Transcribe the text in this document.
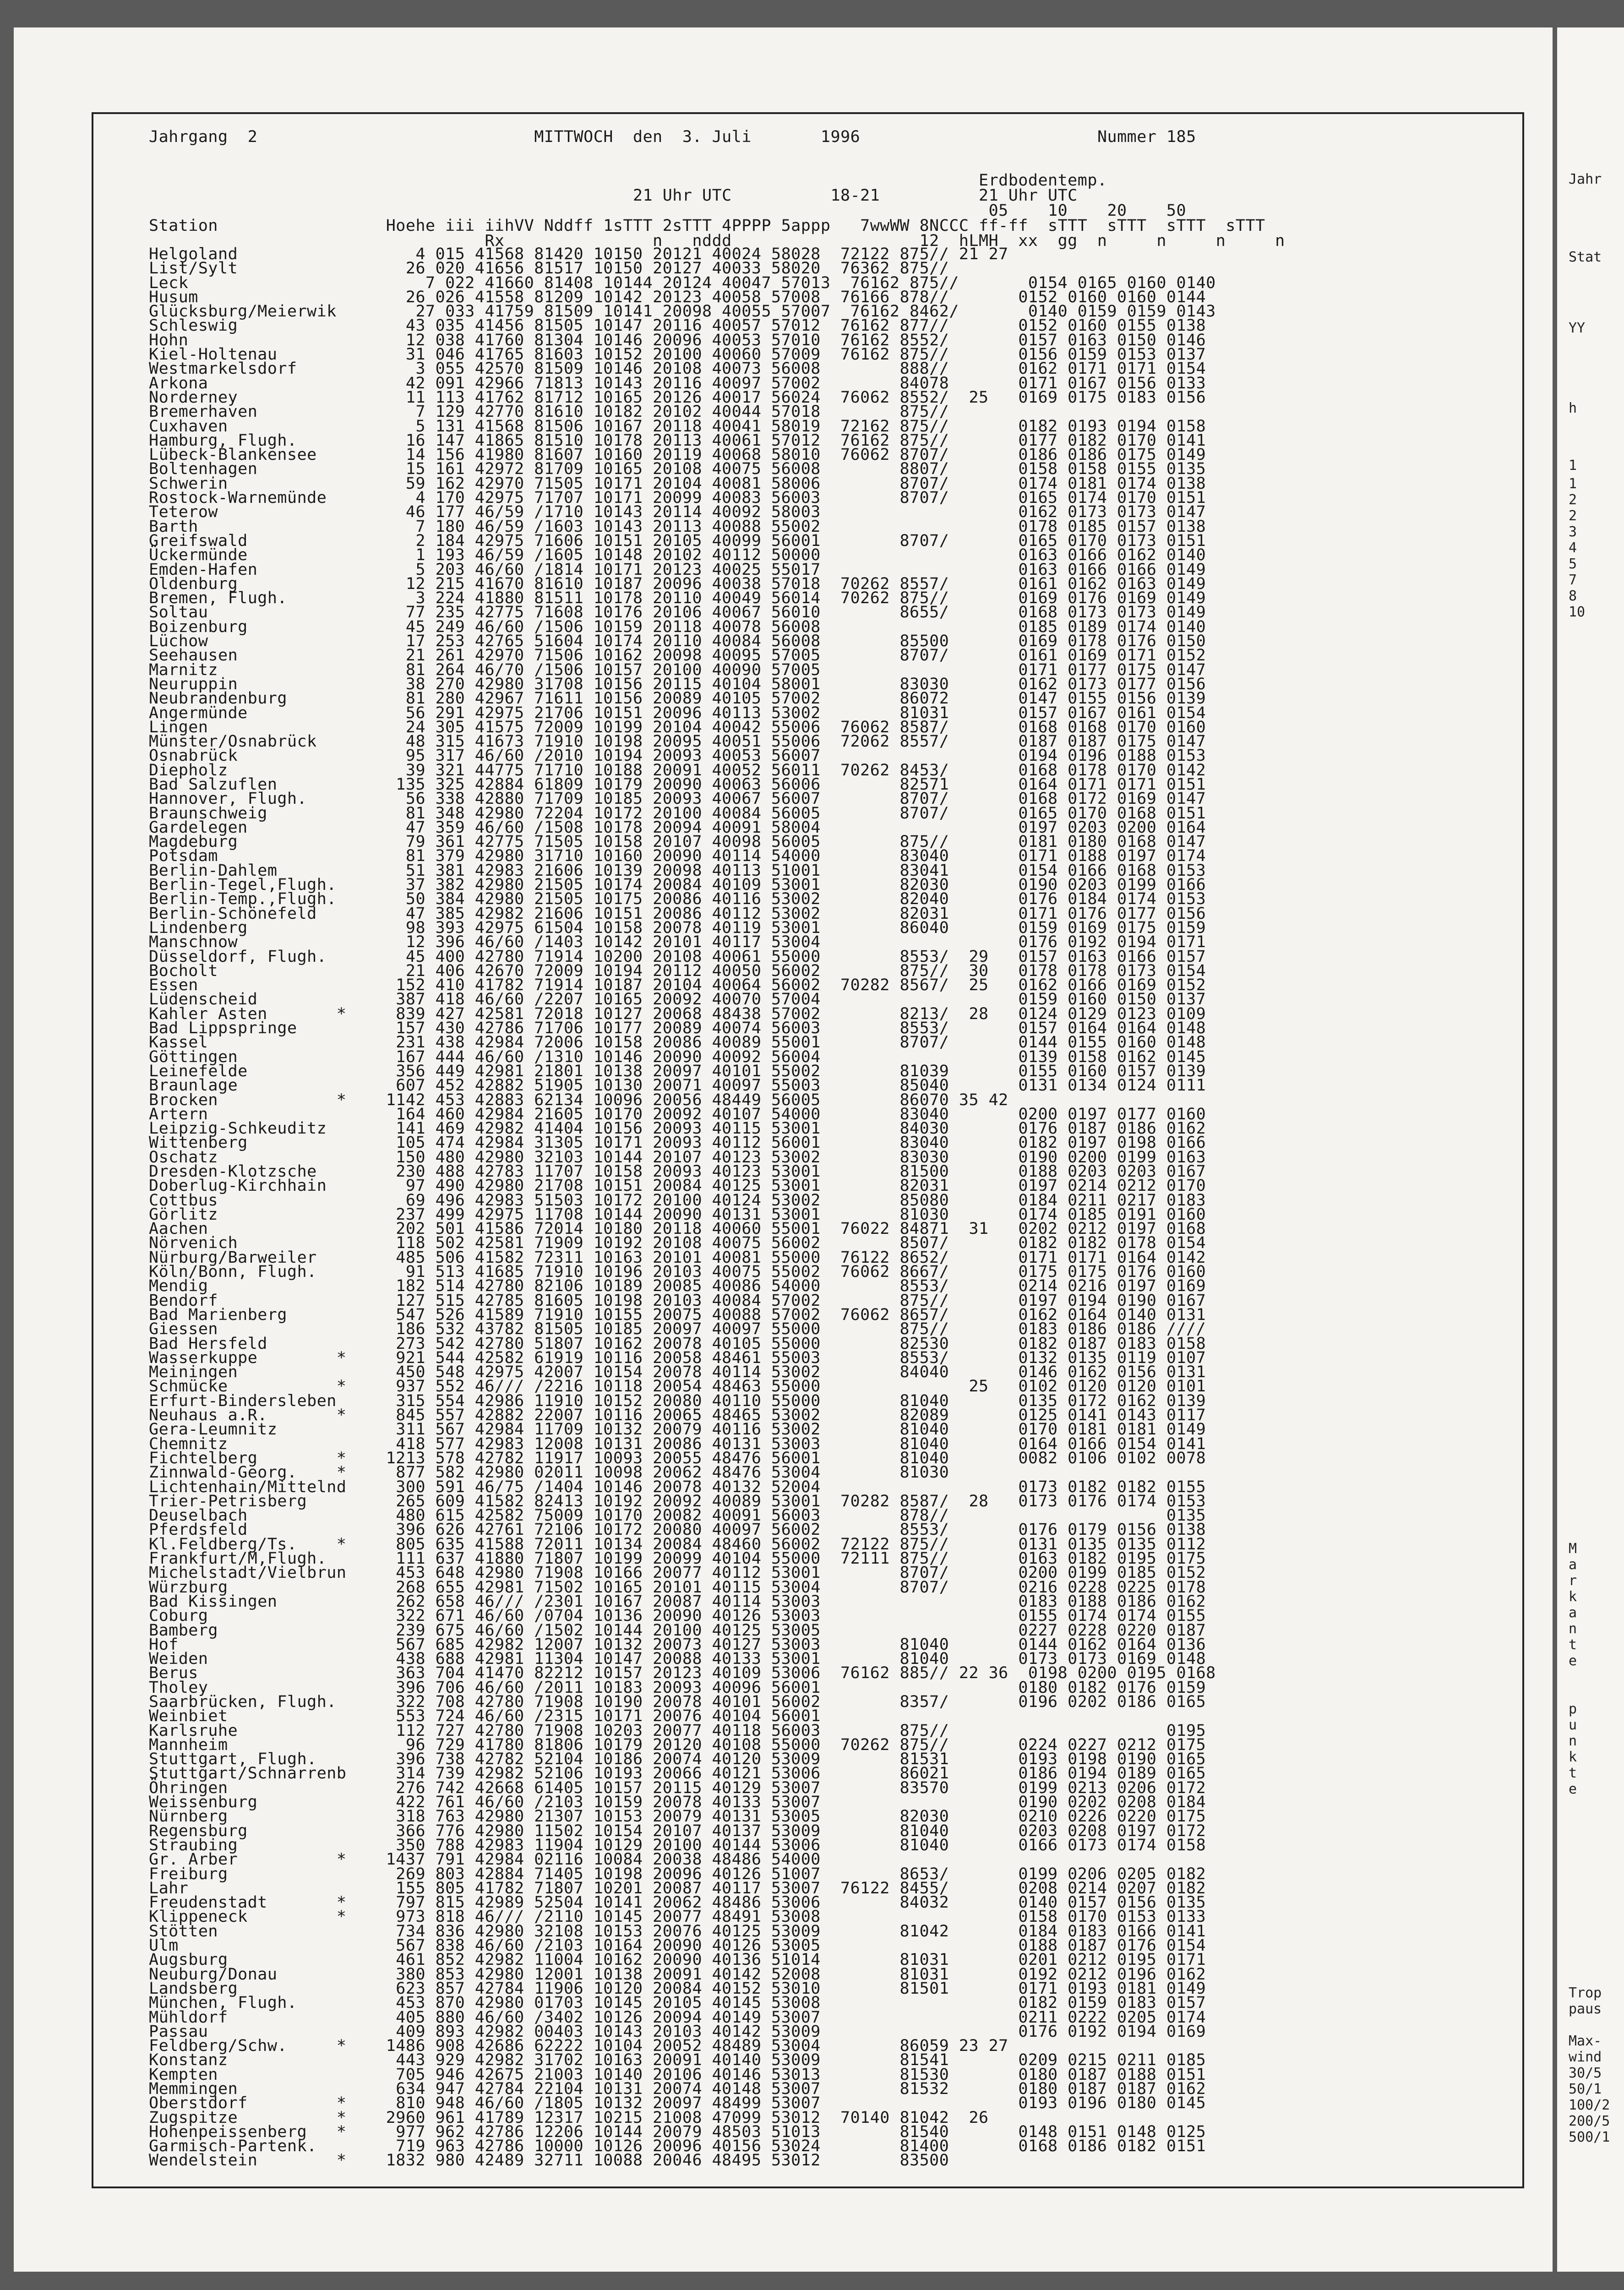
Jahrgang  2	MITTWOCH  den  3. Juli	1996	Nummer 185
Erdbodentemp.
21 Uhr UTC          18-21          21 Uhr UTC
05    10    20    50
Station                 Hoehe iii iihVV Nddff 1sTTT 2sTTT 4PPPP 5appp   7wwWW 8NCCC ff-ff  sTTT  sTTT  sTTT  sTTT
Rx               n   nddd                   12  hLMH  xx  gg  n     n     n     n
Helgoland                  4 015 41568 81420 10150 20121 40024 58028  72122 875// 21 27
List/Sylt                 26 020 41656 81517 10150 20127 40033 58020  76362 875//
Leck                        7 022 41660 81408 10144 20124 40047 57013  76162 875//       0154 0165 0160 0140
Husum                     26 026 41558 81209 10142 20123 40058 57008  76166 878//       0152 0160 0160 0144
Glücksburg/Meierwik        27 033 41759 81509 10141 20098 40055 57007  76162 8462/       0140 0159 0159 0143
Schleswig                 43 035 41456 81505 10147 20116 40057 57012  76162 877//       0152 0160 0155 0138
Hohn                      12 038 41760 81304 10146 20096 40053 57010  76162 8552/       0157 0163 0150 0146
Kiel-Holtenau             31 046 41765 81603 10152 20100 40060 57009  76162 875//       0156 0159 0153 0137
Westmarkelsdorf            3 055 42570 81509 10146 20108 40073 56008        888//       0162 0171 0171 0154
Arkona                    42 091 42966 71813 10143 20116 40097 57002        84078       0171 0167 0156 0133
Norderney                 11 113 41762 81712 10165 20126 40017 56024  76062 8552/  25   0169 0175 0183 0156
Bremerhaven                7 129 42770 81610 10182 20102 40044 57018        875//
Cuxhaven                   5 131 41568 81506 10167 20118 40041 58019  72162 875//       0182 0193 0194 0158
Hamburg, Flugh.           16 147 41865 81510 10178 20113 40061 57012  76162 875//       0177 0182 0170 0141
Lübeck-Blankensee         14 156 41980 81607 10160 20119 40068 58010  76062 8707/       0186 0186 0175 0149
Boltenhagen               15 161 42972 81709 10165 20108 40075 56008        8807/       0158 0158 0155 0135
Schwerin                  59 162 42970 71505 10171 20104 40081 58006        8707/       0174 0181 0174 0138
Rostock-Warnemünde         4 170 42975 71707 10171 20099 40083 56003        8707/       0165 0174 0170 0151
Teterow                   46 177 46/59 /1710 10143 20114 40092 58003                    0162 0173 0173 0147
Barth                      7 180 46/59 /1603 10143 20113 40088 55002                    0178 0185 0157 0138
Greifswald                 2 184 42975 71606 10151 20105 40099 56001        8707/       0165 0170 0173 0151
Ückermünde                 1 193 46/59 /1605 10148 20102 40112 50000                    0163 0166 0162 0140
Emden-Hafen                5 203 46/60 /1814 10171 20123 40025 55017                    0163 0166 0166 0149
Oldenburg                 12 215 41670 81610 10187 20096 40038 57018  70262 8557/       0161 0162 0163 0149
Bremen, Flugh.             3 224 41880 81511 10178 20110 40049 56014  70262 875//       0169 0176 0169 0149
Soltau                    77 235 42775 71608 10176 20106 40067 56010        8655/       0168 0173 0173 0149
Boizenburg                45 249 46/60 /1506 10159 20118 40078 56008                    0185 0189 0174 0140
Lüchow                    17 253 42765 51604 10174 20110 40084 56008        85500       0169 0178 0176 0150
Seehausen                 21 261 42970 71506 10162 20098 40095 57005        8707/       0161 0169 0171 0152
Marnitz                   81 264 46/70 /1506 10157 20100 40090 57005                    0171 0177 0175 0147
Neuruppin                 38 270 42980 31708 10156 20115 40104 58001        83030       0162 0173 0177 0156
Neubrandenburg            81 280 42967 71611 10156 20089 40105 57002        86072       0147 0155 0156 0139
Angermünde                56 291 42975 21706 10151 20096 40113 53002        81031       0157 0167 0161 0154
Lingen                    24 305 41575 72009 10199 20104 40042 55006  76062 8587/       0168 0168 0170 0160
Münster/Osnabrück         48 315 41673 71910 10198 20095 40051 55006  72062 8557/       0187 0187 0175 0147
Osnabrück                 95 317 46/60 /2010 10194 20093 40053 56007                    0194 0196 0188 0153
Diepholz                  39 321 44775 71710 10188 20091 40052 56011  70262 8453/       0168 0178 0170 0142
Bad Salzuflen            135 325 42884 61809 10179 20090 40063 56006        82571       0164 0171 0171 0151
Hannover, Flugh.          56 338 42880 71709 10185 20093 40067 56007        8707/       0168 0172 0169 0147
Braunschweig              81 348 42980 72204 10172 20100 40084 56005        8707/       0165 0170 0168 0151
Gardelegen                47 359 46/60 /1508 10178 20094 40091 58004                    0197 0203 0200 0164
Magdeburg                 79 361 42775 71505 10158 20107 40098 56005        875//       0181 0180 0168 0147
Potsdam                   81 379 42980 31710 10160 20090 40114 54000        83040       0171 0188 0197 0174
Berlin-Dahlem             51 381 42983 21606 10139 20098 40113 51001        83041       0154 0166 0168 0153
Berlin-Tegel,Flugh.       37 382 42980 21505 10174 20084 40109 53001        82030       0190 0203 0199 0166
Berlin-Temp.,Flugh.       50 384 42980 21505 10175 20086 40116 53002        82040       0176 0184 0174 0153
Berlin-Schönefeld         47 385 42982 21606 10151 20086 40112 53002        82031       0171 0176 0177 0156
Lindenberg                98 393 42975 61504 10158 20078 40119 53001        86040       0159 0169 0175 0159
Manschnow                 12 396 46/60 /1403 10142 20101 40117 53004                    0176 0192 0194 0171
Düsseldorf, Flugh.        45 400 42780 71914 10200 20108 40061 55000        8553/  29   0157 0163 0166 0157
Bocholt                   21 406 42670 72009 10194 20112 40050 56002        875//  30   0178 0178 0173 0154
Essen                    152 410 41782 71914 10187 20104 40064 56002  70282 8567/  25   0162 0166 0169 0152
Lüdenscheid              387 418 46/60 /2207 10165 20092 40070 57004                    0159 0160 0150 0137
Kahler Asten       *     839 427 42581 72018 10127 20068 48438 57002        8213/  28   0124 0129 0123 0109
Bad Lippspringe          157 430 42786 71706 10177 20089 40074 56003        8553/       0157 0164 0164 0148
Kassel                   231 438 42984 72006 10158 20086 40089 55001        8707/       0144 0155 0160 0148
Göttingen                167 444 46/60 /1310 10146 20090 40092 56004                    0139 0158 0162 0145
Leinefelde               356 449 42981 21801 10138 20097 40101 55002        81039       0155 0160 0157 0139
Braunlage                607 452 42882 51905 10130 20071 40097 55003        85040       0131 0134 0124 0111
Brocken            *    1142 453 42883 62134 10096 20056 48449 56005        86070 35 42
Artern                   164 460 42984 21605 10170 20092 40107 54000        83040       0200 0197 0177 0160
Leipzig-Schkeuditz       141 469 42982 41404 10156 20093 40115 53001        84030       0176 0187 0186 0162
Wittenberg               105 474 42984 31305 10171 20093 40112 56001        83040       0182 0197 0198 0166
Oschatz                  150 480 42980 32103 10144 20107 40123 53002        83030       0190 0200 0199 0163
Dresden-Klotzsche        230 488 42783 11707 10158 20093 40123 53001        81500       0188 0203 0203 0167
Doberlug-Kirchhain        97 490 42980 21708 10151 20084 40125 53001        82031       0197 0214 0212 0170
Cottbus                   69 496 42983 51503 10172 20100 40124 53002        85080       0184 0211 0217 0183
Görlitz                  237 499 42975 11708 10144 20090 40131 53001        81030       0174 0185 0191 0160
Aachen                   202 501 41586 72014 10180 20118 40060 55001  76022 84871  31   0202 0212 0197 0168
Nörvenich                118 502 42581 71909 10192 20108 40075 56002        8507/       0182 0182 0178 0154
Nürburg/Barweiler        485 506 41582 72311 10163 20101 40081 55000  76122 8652/       0171 0171 0164 0142
Köln/Bonn, Flugh.         91 513 41685 71910 10196 20103 40075 55002  76062 8667/       0175 0175 0176 0160
Mendig                   182 514 42780 82106 10189 20085 40086 54000        8553/       0214 0216 0197 0169
Bendorf                  127 515 42785 81605 10198 20103 40084 57002        875//       0197 0194 0190 0167
Bad Marienberg           547 526 41589 71910 10155 20075 40088 57002  76062 8657/       0162 0164 0140 0131
Giessen                  186 532 43782 81505 10185 20097 40097 55000        875//       0183 0186 0186 ////
Bad Hersfeld             273 542 42780 51807 10162 20078 40105 55000        82530       0182 0187 0183 0158
Wasserkuppe        *     921 544 42582 61919 10116 20058 48461 55003        8553/       0132 0135 0119 0107
Meiningen                450 548 42975 42007 10154 20078 40114 53002        84040       0146 0162 0156 0131
Schmücke           *     937 552 46/// /2216 10118 20054 48463 55000               25   0102 0120 0120 0101
Erfurt-Bindersleben      315 554 42986 11910 10152 20080 40110 55000        81040       0135 0172 0162 0139
Neuhaus a.R.       *     845 557 42882 22007 10116 20065 48465 53002        82089       0125 0141 0143 0117
Gera-Leumnitz            311 567 42984 11709 10132 20079 40116 53002        81040       0170 0181 0181 0149
Chemnitz                 418 577 42983 12008 10131 20086 40131 53003        81040       0164 0166 0154 0141
Fichtelberg        *    1213 578 42782 11917 10093 20055 48476 56001        81040       0082 0106 0102 0078
Zinnwald-Georg.    *     877 582 42980 02011 10098 20062 48476 53004        81030
Lichtenhain/Mittelnd     300 591 46/75 /1404 10146 20078 40132 52004                    0173 0182 0182 0155
Trier-Petrisberg         265 609 41582 82413 10192 20092 40089 53001  70282 8587/  28   0173 0176 0174 0153
Deuselbach               480 615 42582 75009 10170 20082 40091 56003        878//                      0135
Pferdsfeld               396 626 42761 72106 10172 20080 40097 56002        8553/       0176 0179 0156 0138
Kl.Feldberg/Ts.    *     805 635 41588 72011 10134 20084 48460 56002  72122 875//       0131 0135 0135 0112
Frankfurt/M,Flugh.       111 637 41880 71807 10199 20099 40104 55000  72111 875//       0163 0182 0195 0175
Michelstadt/Vielbrun     453 648 42980 71908 10166 20077 40112 53001        8707/       0200 0199 0185 0152
Würzburg                 268 655 42981 71502 10165 20101 40115 53004        8707/       0216 0228 0225 0178
Bad Kissingen            262 658 46/// /2301 10167 20087 40114 53003                    0183 0188 0186 0162
Coburg                   322 671 46/60 /0704 10136 20090 40126 53003                    0155 0174 0174 0155
Bamberg                  239 675 46/60 /1502 10144 20100 40125 53005                    0227 0228 0220 0187
Hof                      567 685 42982 12007 10132 20073 40127 53003        81040       0144 0162 0164 0136
Weiden                   438 688 42981 11304 10147 20088 40133 53001        81040       0173 0173 0169 0148
Berus                    363 704 41470 82212 10157 20123 40109 53006  76162 885// 22 36  0198 0200 0195 0168
Tholey                   396 706 46/60 /2011 10183 20093 40096 56001                    0180 0182 0176 0159
Saarbrücken, Flugh.      322 708 42780 71908 10190 20078 40101 56002        8357/       0196 0202 0186 0165
Weinbiet                 553 724 46/60 /2315 10171 20076 40104 56001
Karlsruhe                112 727 42780 71908 10203 20077 40118 56003        875//                      0195
Mannheim                  96 729 41780 81806 10179 20120 40108 55000  70262 875//       0224 0227 0212 0175
Stuttgart, Flugh.        396 738 42782 52104 10186 20074 40120 53009        81531       0193 0198 0190 0165
Stuttgart/Schnarrenb     314 739 42982 52106 10193 20066 40121 53006        86021       0186 0194 0189 0165
Öhringen                 276 742 42668 61405 10157 20115 40129 53007        83570       0199 0213 0206 0172
Weissenburg              422 761 46/60 /2103 10159 20078 40133 53007                    0190 0202 0208 0184
Nürnberg                 318 763 42980 21307 10153 20079 40131 53005        82030       0210 0226 0220 0175
Regensburg               366 776 42980 11502 10154 20107 40137 53009        81040       0203 0208 0197 0172
Straubing                350 788 42983 11904 10129 20100 40144 53006        81040       0166 0173 0174 0158
Gr. Arber          *    1437 791 42984 02116 10084 20038 48486 54000
Freiburg                 269 803 42884 71405 10198 20096 40126 51007        8653/       0199 0206 0205 0182
Lahr                     155 805 41782 71807 10201 20087 40117 53007  76122 8455/       0208 0214 0207 0182
Freudenstadt       *     797 815 42989 52504 10141 20062 48486 53006        84032       0140 0157 0156 0135
Klippeneck         *     973 818 46/// /2110 10145 20077 48491 53008                    0158 0170 0153 0133
Stötten                  734 836 42980 32108 10153 20076 40125 53009        81042       0184 0183 0166 0141
Ulm                      567 838 46/60 /2103 10164 20090 40126 53005                    0188 0187 0176 0154
Augsburg                 461 852 42982 11004 10162 20090 40136 51014        81031       0201 0212 0195 0171
Neuburg/Donau            380 853 42980 12001 10138 20091 40142 52008        81031       0192 0212 0196 0162
Landsberg                623 857 42784 11906 10120 20084 40152 53010        81501       0171 0193 0181 0149
München, Flugh.          453 870 42980 01703 10145 20105 40145 53008                    0182 0159 0183 0157
Mühldorf                 405 880 46/60 /3402 10126 20094 40149 53007                    0211 0222 0205 0174
Passau                   409 893 42982 00403 10143 20103 40142 53009                    0176 0192 0194 0169
Feldberg/Schw.     *    1486 908 42686 62222 10104 20052 48489 53004        86059 23 27
Konstanz                 443 929 42982 31702 10163 20091 40140 53009        81541       0209 0215 0211 0185
Kempten                  705 946 42675 21003 10140 20106 40146 53013        81530       0180 0187 0188 0151
Memmingen                634 947 42784 22104 10131 20074 40148 53007        81532       0180 0187 0187 0162
Oberstdorf         *     810 948 46/60 /1805 10132 20097 48499 53007                    0193 0196 0180 0145
Zugspitze          *    2960 961 41789 12317 10215 21008 47099 53012  70140 81042  26
Hohenpeissenberg   *     977 962 42786 12206 10144 20079 48503 51013        81540       0148 0151 0148 0125
Garmisch-Partenk.        719 963 42786 10000 10126 20096 40156 53024        81400       0168 0186 0182 0151
Wendelstein        *    1832 980 42489 32711 10088 20046 48495 53012        83500
Jahr
Stat
YY
h
1
1
2
2
3
4
5
7
8
10
M
a
r
k
a
n
t
e
p
u
n
k
t
e
Trop
paus
Max-
wind
30/5
50/1
100/2
200/5
500/1
